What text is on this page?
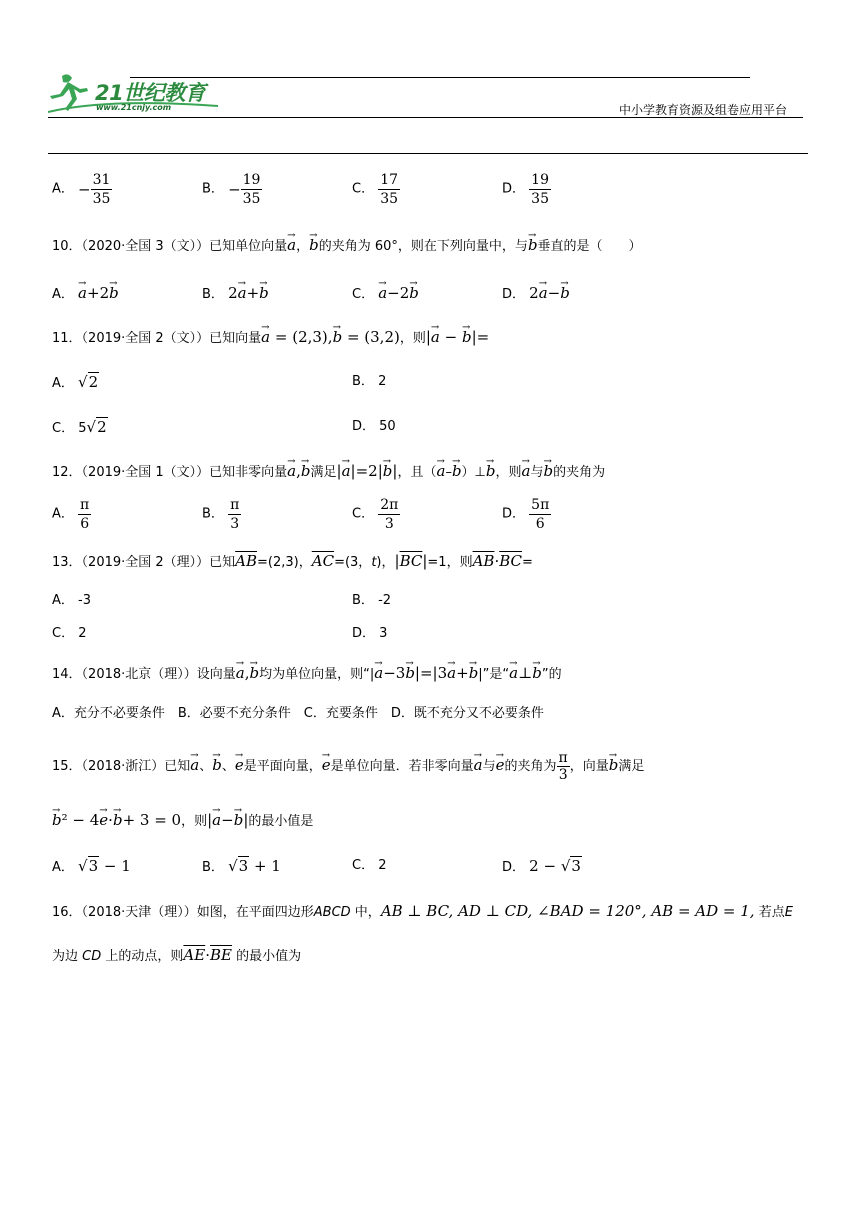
21世纪教育
www.21cnjy.com	中小学教育资源及组卷应用平台
A． − $\frac{31}{35}$	B． − $\frac{19}{35}$	C． $\frac{17}{35}$	D． $\frac{19}{35}$
10．（2020·全国 3（文））已知单位向量→ a，→ b的夹角为 60°，则在下列向量中，与→ b垂直的是（　　）
A． → a+2→ b	B． 2→ a+→ b	C． → a−2→ b	D． 2→ a−→ b
11．（2019·全国 2（文））已知向量→ a = (2,3),→ b = (3,2)，则|→ a − → b|=
A． √2	B． 2
C． 5√2	D． 50
12．（2019·全国 1（文））已知非零向量→ a,→ b满足|→ a|=2|→ b|，且（→ a–→ b）⊥→ b，则→ a与→ b的夹角为
A． $\frac{\pi}{6}$	B． $\frac{\pi}{3}$	C． $\frac{2\pi}{3}$	D． $\frac{5\pi}{6}$
13．（2019·全国 2（理））已知$\overline{AB}=(2,3)$，$\overline{AC}=(3$，t)，$|\overline{BC}|=1$，则$\overline{AB}\cdot\overline{BC}=$
A． -3	B． -2
C． 2	D． 3
14．（2018·北京（理））设向量→ a,→ b均为单位向量，则“|→ a−3→ b|=|3→ a+→ b|”是“→ a⊥→ b”的
A．充分不必要条件　B．必要不充分条件　C．充要条件　D．既不充分又不必要条件
15．（2018·浙江）已知→ a、→ b、→ e是平面向量，→ e是单位向量．若非零向量→ a与→ e的夹角为 $\frac{\pi}{3}$ ，向量→ b满足
→ b² − 4→ e·→ b+ 3 = 0，则|→ a−→ b|的最小值是
A． √3 − 1	B． √3 + 1	C． 2	D． 2 − √3
16．（2018·天津（理））如图，在平面四边形ABCD 中，AB ⊥ BC, AD ⊥ CD, ∠BAD = 120°, AB = AD = 1, 若点E
为边 CD 上的动点，则$\overline{AE}\cdot\overline{BE}$ 的最小值为
